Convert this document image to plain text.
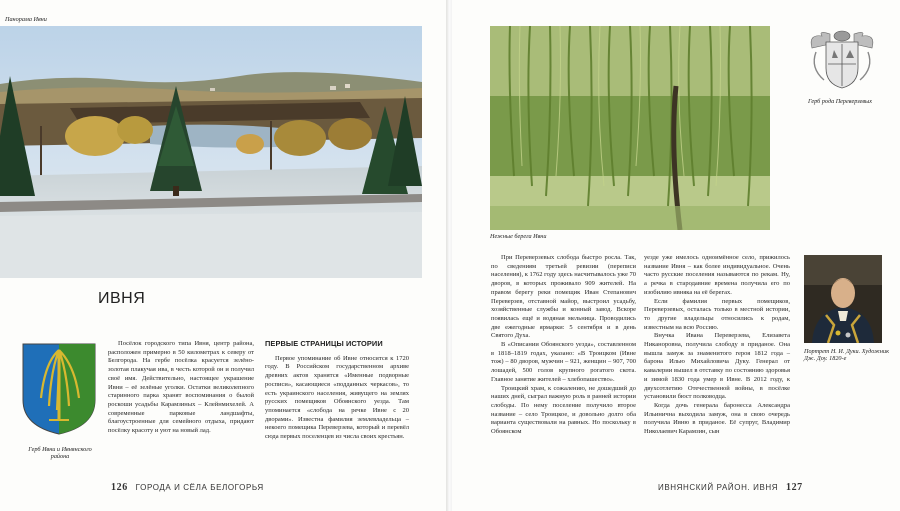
Панорама Ивни
ИВНЯ
Герб Ивни и Ивнянского района

Посёлок городского типа Ивня, центр района, расположен примерно в 50 километрах к северу от Белгорода. На гербе посёлка красуется зелёно-золотая плакучая ива, в честь которой он и получил своё имя. Действительно, настоящее украшение Ивни – её зелёные уголки. Остатки великолепного старинного парка хранят воспоминания о былой роскоши усадьбы Карамзиных – Клейнмихелей. А современные парковые ландшафты, благоустроенные для семейного отдыха, придают посёлку красоту и уют на новый лад.

ПЕРВЫЕ СТРАНИЦЫ ИСТОРИИ

Первое упоминание об Ивне относится к 1720 году. В Российском государственном архиве древних актов хранятся «Именные подворные росписи», касающиеся «подданных черкасов», то есть украинского населения, живущего на землях русских помещиков Обоянского уезда. Там упоминается «слобода на речке Ивне с 20 дворами». Известна фамилия землевладельца – некоего помещика Переверзева, который и перевёл сюда первых поселенцев из числа своих крестьян.

126 ГОРОДА И СЁЛА БЕЛОГОРЬЯ
Нежные берега Ивни
Герб рода Переверзевых

При Переверзевых слобода быстро росла. Так, по сведениям третьей ревизии (переписи населения), к 1762 году здесь насчитывалось уже 70 дворов, в которых проживало 909 жителей. На правом берегу реки помещик Иван Степанович Переверзев, отставной майор, выстроил усадьбу, хозяйственные службы и конный завод. Вскоре появилась ещё и водяная мельница. Проводились две ежегодные ярмарки: 5 сентября и в день Святого Духа.

В «Описании Обоянского уезда», составленном в 1818–1819 годах, указано: «В Троицком (Ивне тож) – 80 дворов, мужчин – 921, женщин – 907, 700 лошадей, 500 голов крупного рогатого скота. Главное занятие жителей – хлебопашество».

Троицкий храм, к сожалению, не дошедший до наших дней, сыграл важную роль в ранней истории слободы. По нему поселение получило второе название – село Троицкое, и довольно долго оба варианта существовали на равных. Но поскольку в Обоянском

уезде уже имелось одноимённое село, прижилось название Ивня – как более индивидуальное. Очень часто русские поселения называются по рекам. Ну, а речка в стародавние времена получила его по изобилию ивняка на её берегах.

Если фамилия первых помещиков, Переверзевых, осталась только в местной истории, то другие владельцы относились к родам, известным на всю Россию.

Внучка Ивана Переверзева, Елизавета Никаноровна, получила слободу в приданое. Она вышла замуж за знаменитого героя 1812 года – барона Илью Михайловича Дуку. Генерал от кавалерии вышел в отставку по состоянию здоровья и зимой 1830 года умер в Ивне. В 2012 году, к двухсотлетию Отечественной войны, в посёлке установили бюст полководца.

Когда дочь генерала баронесса Александра Ильинична выходила замуж, она в свою очередь получила Ивню в приданое. Её супруг, Владимир Николаевич Карамзин, сын

Портрет Н. И. Дуки. Художник Дж. Доу. 1820-е
ИВНЯНСКИЙ РАЙОН. ИВНЯ 127
